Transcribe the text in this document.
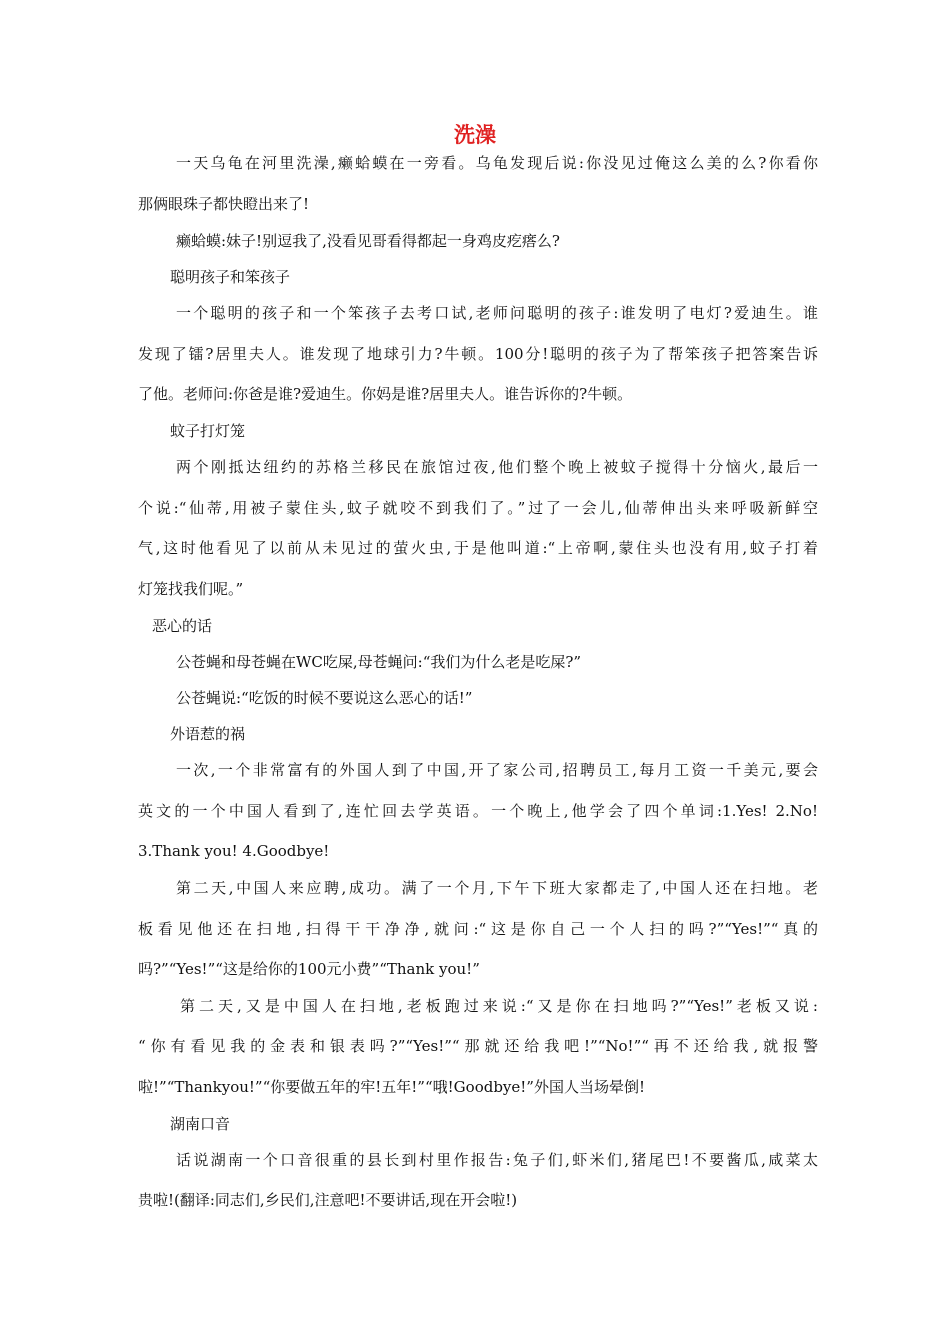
洗澡
一天乌龟在河里洗澡,癞蛤蟆在一旁看。乌龟发现后说:你没见过俺这么美的么?你看你
那俩眼珠子都快瞪出来了!
癞蛤蟆:妹子!别逗我了,没看见哥看得都起一身鸡皮疙瘩么?
聪明孩子和笨孩子
一个聪明的孩子和一个笨孩子去考口试,老师问聪明的孩子:谁发明了电灯?爱迪生。谁
发现了镭?居里夫人。谁发现了地球引力?牛顿。100分!聪明的孩子为了帮笨孩子把答案告诉
了他。老师问:你爸是谁?爱迪生。你妈是谁?居里夫人。谁告诉你的?牛顿。
蚊子打灯笼
两个刚抵达纽约的苏格兰移民在旅馆过夜,他们整个晚上被蚊子搅得十分恼火,最后一
个说:“仙蒂,用被子蒙住头,蚊子就咬不到我们了。”过了一会儿,仙蒂伸出头来呼吸新鲜空
气,这时他看见了以前从未见过的萤火虫,于是他叫道:“上帝啊,蒙住头也没有用,蚊子打着
灯笼找我们呢。”
恶心的话
公苍蝇和母苍蝇在WC吃屎,母苍蝇问:“我们为什么老是吃屎?”
公苍蝇说:“吃饭的时候不要说这么恶心的话!”
外语惹的祸
一次,一个非常富有的外国人到了中国,开了家公司,招聘员工,每月工资一千美元,要会
英文的一个中国人看到了,连忙回去学英语。一个晚上,他学会了四个单词:1.Yes! 2.No!
3.Thank you! 4.Goodbye!
第二天,中国人来应聘,成功。满了一个月,下午下班大家都走了,中国人还在扫地。老
板看见他还在扫地,扫得干干净净,就问:“这是你自己一个人扫的吗?”“Yes!”“真的
吗?”“Yes!”“这是给你的100元小费”“Thank you!”
第二天,又是中国人在扫地,老板跑过来说:“又是你在扫地吗?”“Yes!”老板又说:
“你有看见我的金表和银表吗?”“Yes!”“那就还给我吧!”“No!”“再不还给我,就报警
啦!”“Thankyou!”“你要做五年的牢!五年!”“哦!Goodbye!”外国人当场晕倒!
湖南口音
话说湖南一个口音很重的县长到村里作报告:兔子们,虾米们,猪尾巴!不要酱瓜,咸菜太
贵啦!(翻译:同志们,乡民们,注意吧!不要讲话,现在开会啦!)
